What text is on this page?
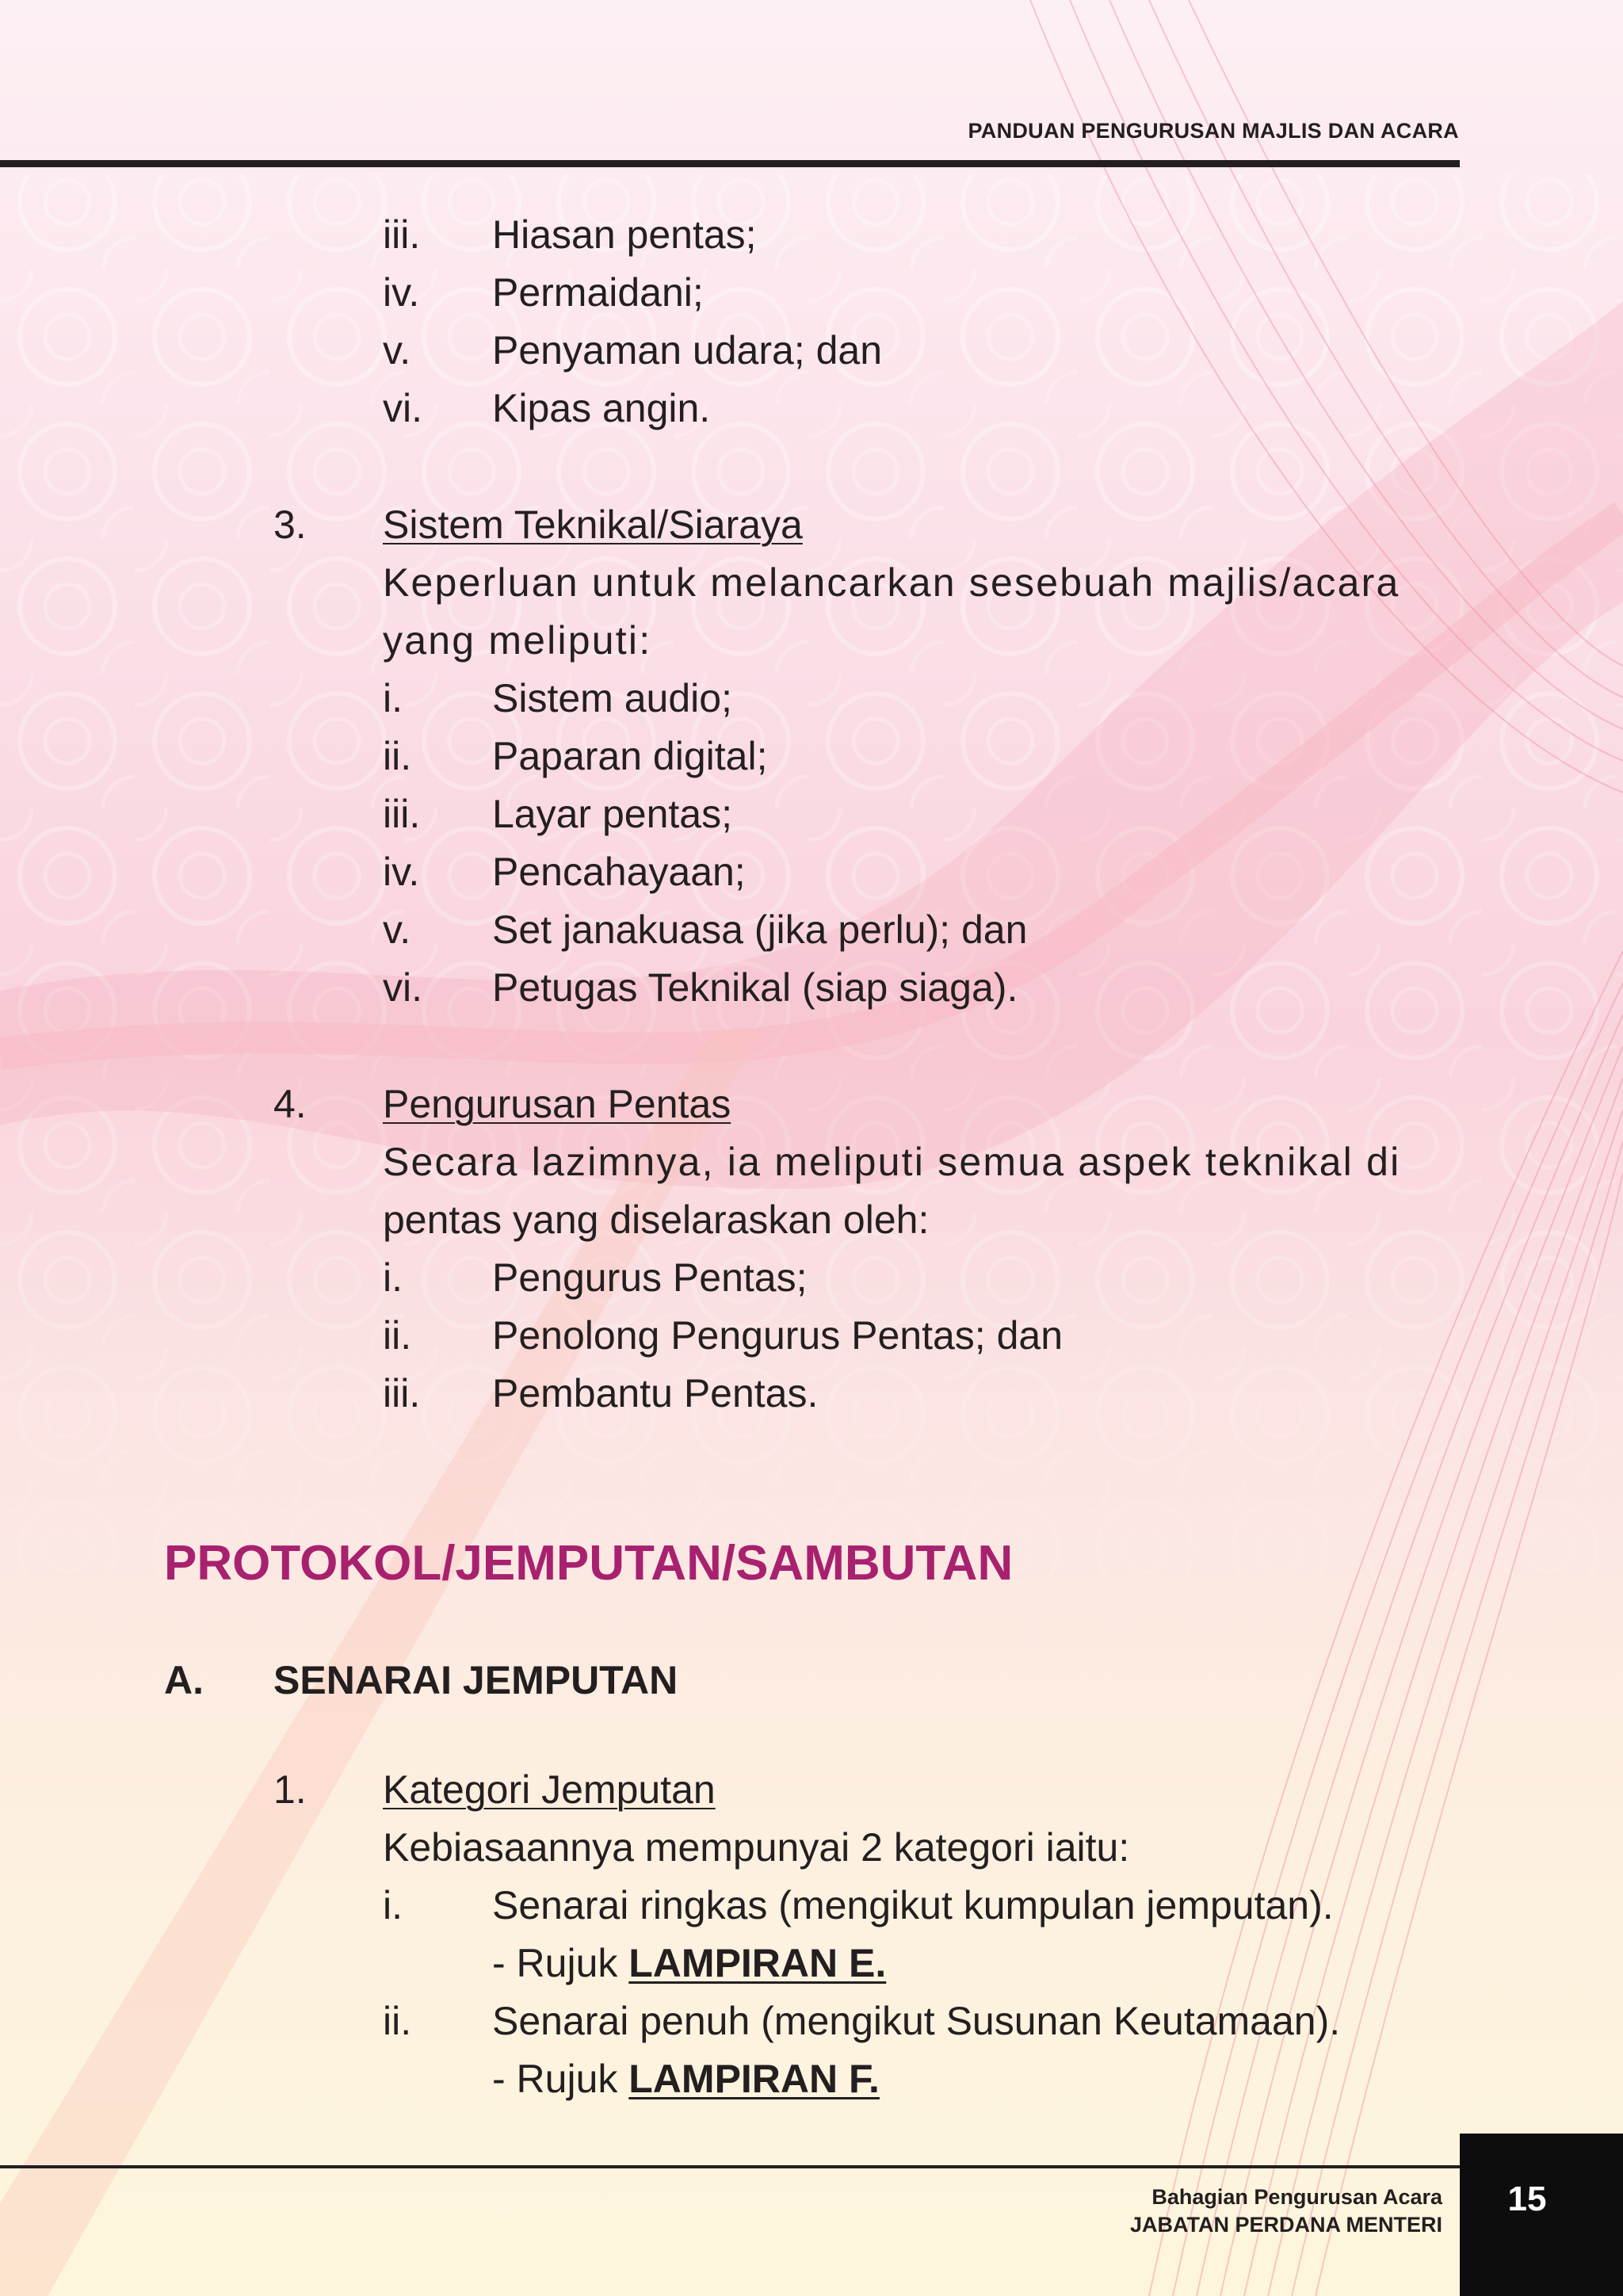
PANDUAN PENGURUSAN MAJLIS DAN ACARA
iii. Hiasan pentas;
iv. Permaidani;
v. Penyaman udara; dan
vi. Kipas angin.
3. Sistem Teknikal/Siaraya
Keperluan untuk melancarkan sesebuah majlis/acara
yang meliputi:
i. Sistem audio;
ii. Paparan digital;
iii. Layar pentas;
iv. Pencahayaan;
v. Set janakuasa (jika perlu); dan
vi. Petugas Teknikal (siap siaga).
4. Pengurusan Pentas
Secara lazimnya, ia meliputi semua aspek teknikal di
pentas yang diselaraskan oleh:
i. Pengurus Pentas;
ii. Penolong Pengurus Pentas; dan
iii. Pembantu Pentas.
PROTOKOL/JEMPUTAN/SAMBUTAN
A. SENARAI JEMPUTAN
1. Kategori Jemputan
Kebiasaannya mempunyai 2 kategori iaitu:
i. Senarai ringkas (mengikut kumpulan jemputan).
- Rujuk LAMPIRAN E.
ii. Senarai penuh (mengikut Susunan Keutamaan).
- Rujuk LAMPIRAN F.
15
Bahagian Pengurusan Acara
JABATAN PERDANA MENTERI
